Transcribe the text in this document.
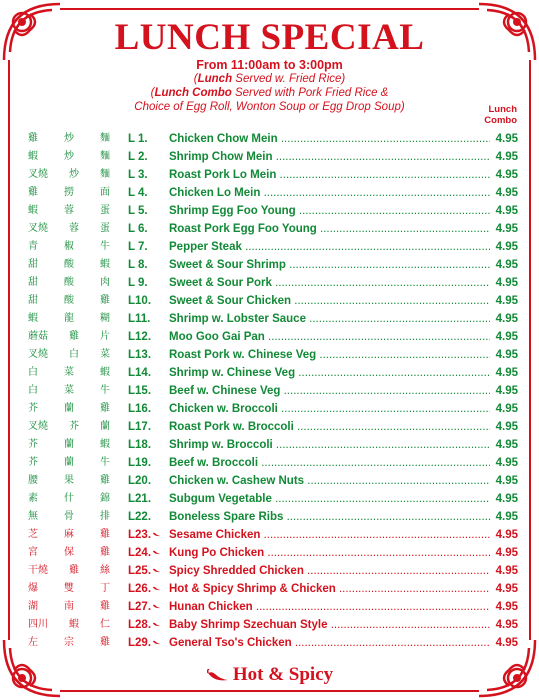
LUNCH SPECIAL
From 11:00am to 3:00pm
(Lunch Served w. Fried Rice)
(Lunch Combo Served with Pork Fried Rice &
Choice of Egg Roll, Wonton Soup or Egg Drop Soup)	Lunch
Combo
雞	炒	麵 L 1.	Chicken Chow Mein .....	4.95
蝦	炒	麵 L 2.	Shrimp Chow Mein .....	4.95
叉燒 炒 麵 L 3.	Roast Pork Lo Mein .....	4.95
雞	撈	面 L 4.	Chicken Lo Mein .....	4.95
蝦	蓉	蛋 L 5.	Shrimp Egg Foo Young .....	4.95
叉燒 蓉 蛋 L 6.	Roast Pork Egg Foo Young .....	4.95
青	椒	牛 L 7.	Pepper Steak .....	4.95
甜	酸	蝦 L 8.	Sweet & Sour Shrimp .....	4.95
甜	酸	肉 L 9.	Sweet & Sour Pork .....	4.95
甜	酸	雞 L10.	Sweet & Sour Chicken .....	4.95
蝦	龍	糊 L11.	Shrimp w. Lobster Sauce .....	4.95
蘑菇 雞 片 L12.	Moo Goo Gai Pan .....	4.95
叉燒 白 菜 L13.	Roast Pork w. Chinese Veg .....	4.95
白	菜	蝦 L14.	Shrimp w. Chinese Veg .....	4.95
白	菜	牛 L15.	Beef w. Chinese Veg .....	4.95
芥	蘭	雞 L16.	Chicken w. Broccoli .....	4.95
叉燒 芥 蘭 L17.	Roast Pork w. Broccoli .....	4.95
芥	蘭	蝦 L18.	Shrimp w. Broccoli .....	4.95
芥	蘭	牛 L19.	Beef w. Broccoli .....	4.95
腰	果	雞 L20.	Chicken w. Cashew Nuts .....	4.95
素	什	錦 L21.	Subgum Vegetable .....	4.95
無	骨	排 L22.	Boneless Spare Ribs .....	4.95
芝	麻	雞 L23.	Sesame Chicken .....	4.95
宮	保	雞 L24.	Kung Po Chicken .....	4.95
干燒 雞 絲 L25.	Spicy Shredded Chicken .....	4.95
爆	雙	丁 L26.	Hot & Spicy Shrimp & Chicken .....	4.95
湖	南	雞 L27.	Hunan Chicken .....	4.95
四川 蝦 仁 L28.	Baby Shrimp Szechuan Style .....	4.95
左	宗	雞 L29.	General Tso's Chicken .....	4.95
Hot & Spicy
